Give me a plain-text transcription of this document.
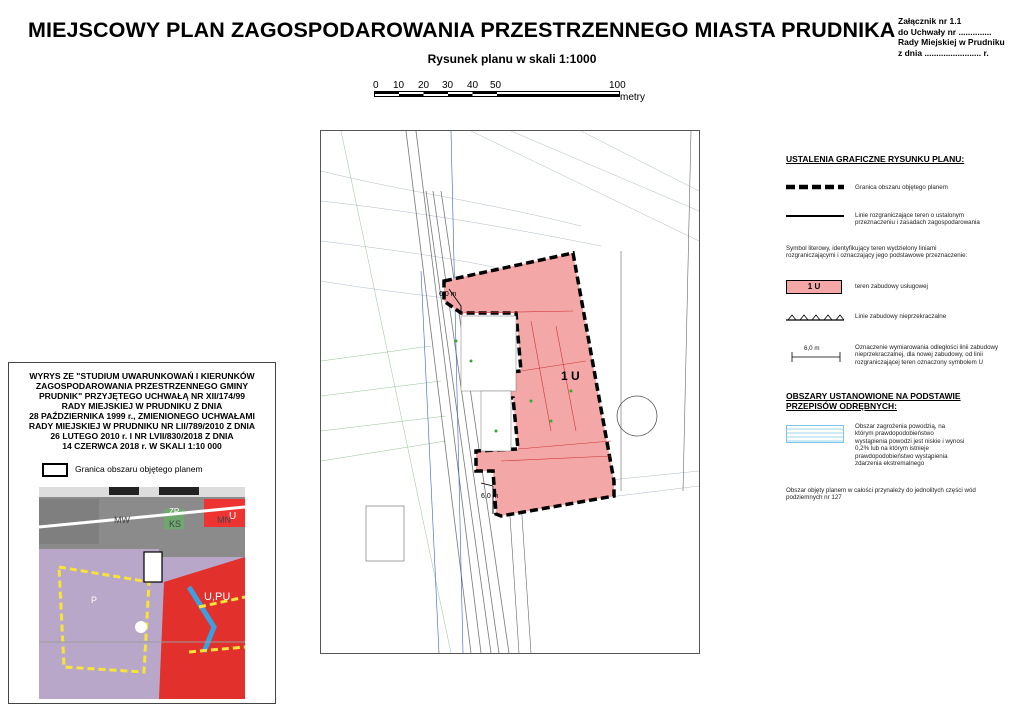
MIEJSCOWY PLAN ZAGOSPODAROWANIA PRZESTRZENNEGO MIASTA PRUDNIKA
Rysunek planu w skali 1:1000
Załącznik nr 1.1
do Uchwały nr ..............
Rady Miejskiej w Prudniku
z dnia ........................ r.
0 10 20 30 40 50	100
metry
1 U
6,0 m
6,0 m
USTALENIA GRAFICZNE RYSUNKU PLANU:
Granica obszaru objętego planem
Linie rozgraniczające teren o ustalonym przeznaczeniu i zasadach zagospodarowania
Symbol literowy, identyfikujący teren wydzielony liniami rozgraniczającymi i oznaczający jego podstawowe przeznaczenie:
1 U	teren zabudowy usługowej
Linie zabudowy nieprzekraczalne
6,0 m	Oznaczenie wymiarowania odległości linii zabudowy nieprzekraczalnej, dla nowej zabudowy, od linii rozgraniczającej teren oznaczony symbolem U
OBSZARY USTANOWIONE NA PODSTAWIE PRZEPISÓW ODRĘBNYCH:
Obszar zagrożenia powodzią, na którym prawdopodobieństwo wystąpienia powodzi jest niskie i wynosi 0,2% lub na którym istnieje prawdopodobieństwo wystąpienia zdarzenia ekstremalnego
Obszar objęty planem w całości przynależy do jednolitych części wód podziemnych nr 127
WYRYS ZE "STUDIUM UWARUNKOWAŃ I KIERUNKÓW
ZAGOSPODAROWANIA PRZESTRZENNEGO GMINY
PRUDNIK" PRZYJĘTEGO UCHWAŁĄ NR XII/174/99
RADY MIEJSKIEJ W PRUDNIKU Z DNIA
28 PAŹDZIERNIKA 1999 r., ZMIENIONEGO UCHWAŁAMI
RADY MIEJSKIEJ W PRUDNIKU NR LII/789/2010 Z DNIA
26 LUTEGO 2010 r. I NR LVII/830/2018 Z DNIA
14 CZERWCA 2018 r. W SKALI 1:10 000
Granica obszaru objętego planem
P	U,PU
U
MW	KS
ZP
MN
